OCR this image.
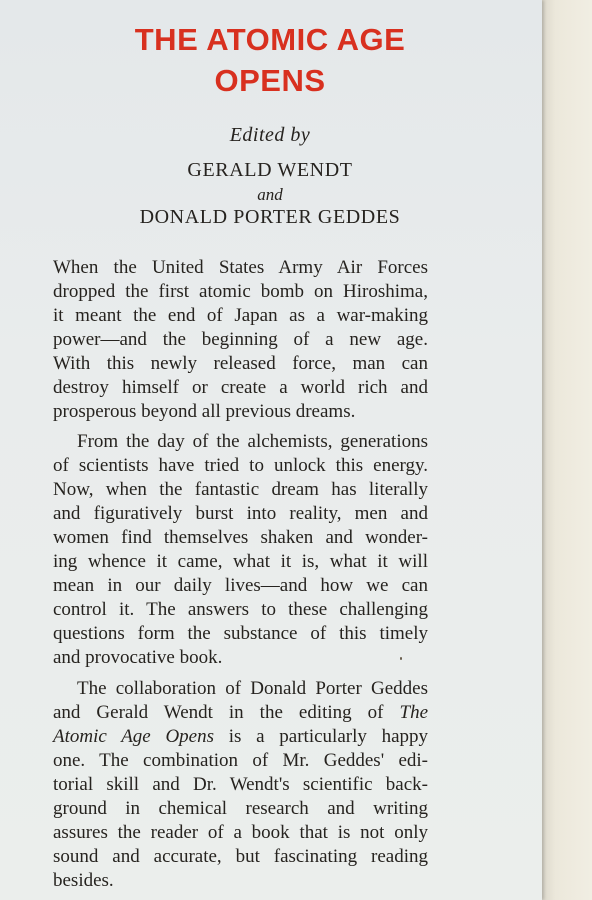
THE ATOMIC AGE
OPENS
Edited by
GERALD WENDT
and
DONALD PORTER GEDDES
When the United States Army Air Forces
dropped the first atomic bomb on Hiroshima,
it meant the end of Japan as a war-making
power—and the beginning of a new age.
With this newly released force, man can
destroy himself or create a world rich and
prosperous beyond all previous dreams.
From the day of the alchemists, generations
of scientists have tried to unlock this energy.
Now, when the fantastic dream has literally
and figuratively burst into reality, men and
women find themselves shaken and wonder-
ing whence it came, what it is, what it will
mean in our daily lives—and how we can
control it. The answers to these challenging
questions form the substance of this timely
and provocative book.
The collaboration of Donald Porter Geddes
and Gerald Wendt in the editing of The
Atomic Age Opens is a particularly happy
one. The combination of Mr. Geddes' edi-
torial skill and Dr. Wendt's scientific back-
ground in chemical research and writing
assures the reader of a book that is not only
sound and accurate, but fascinating reading
besides.
